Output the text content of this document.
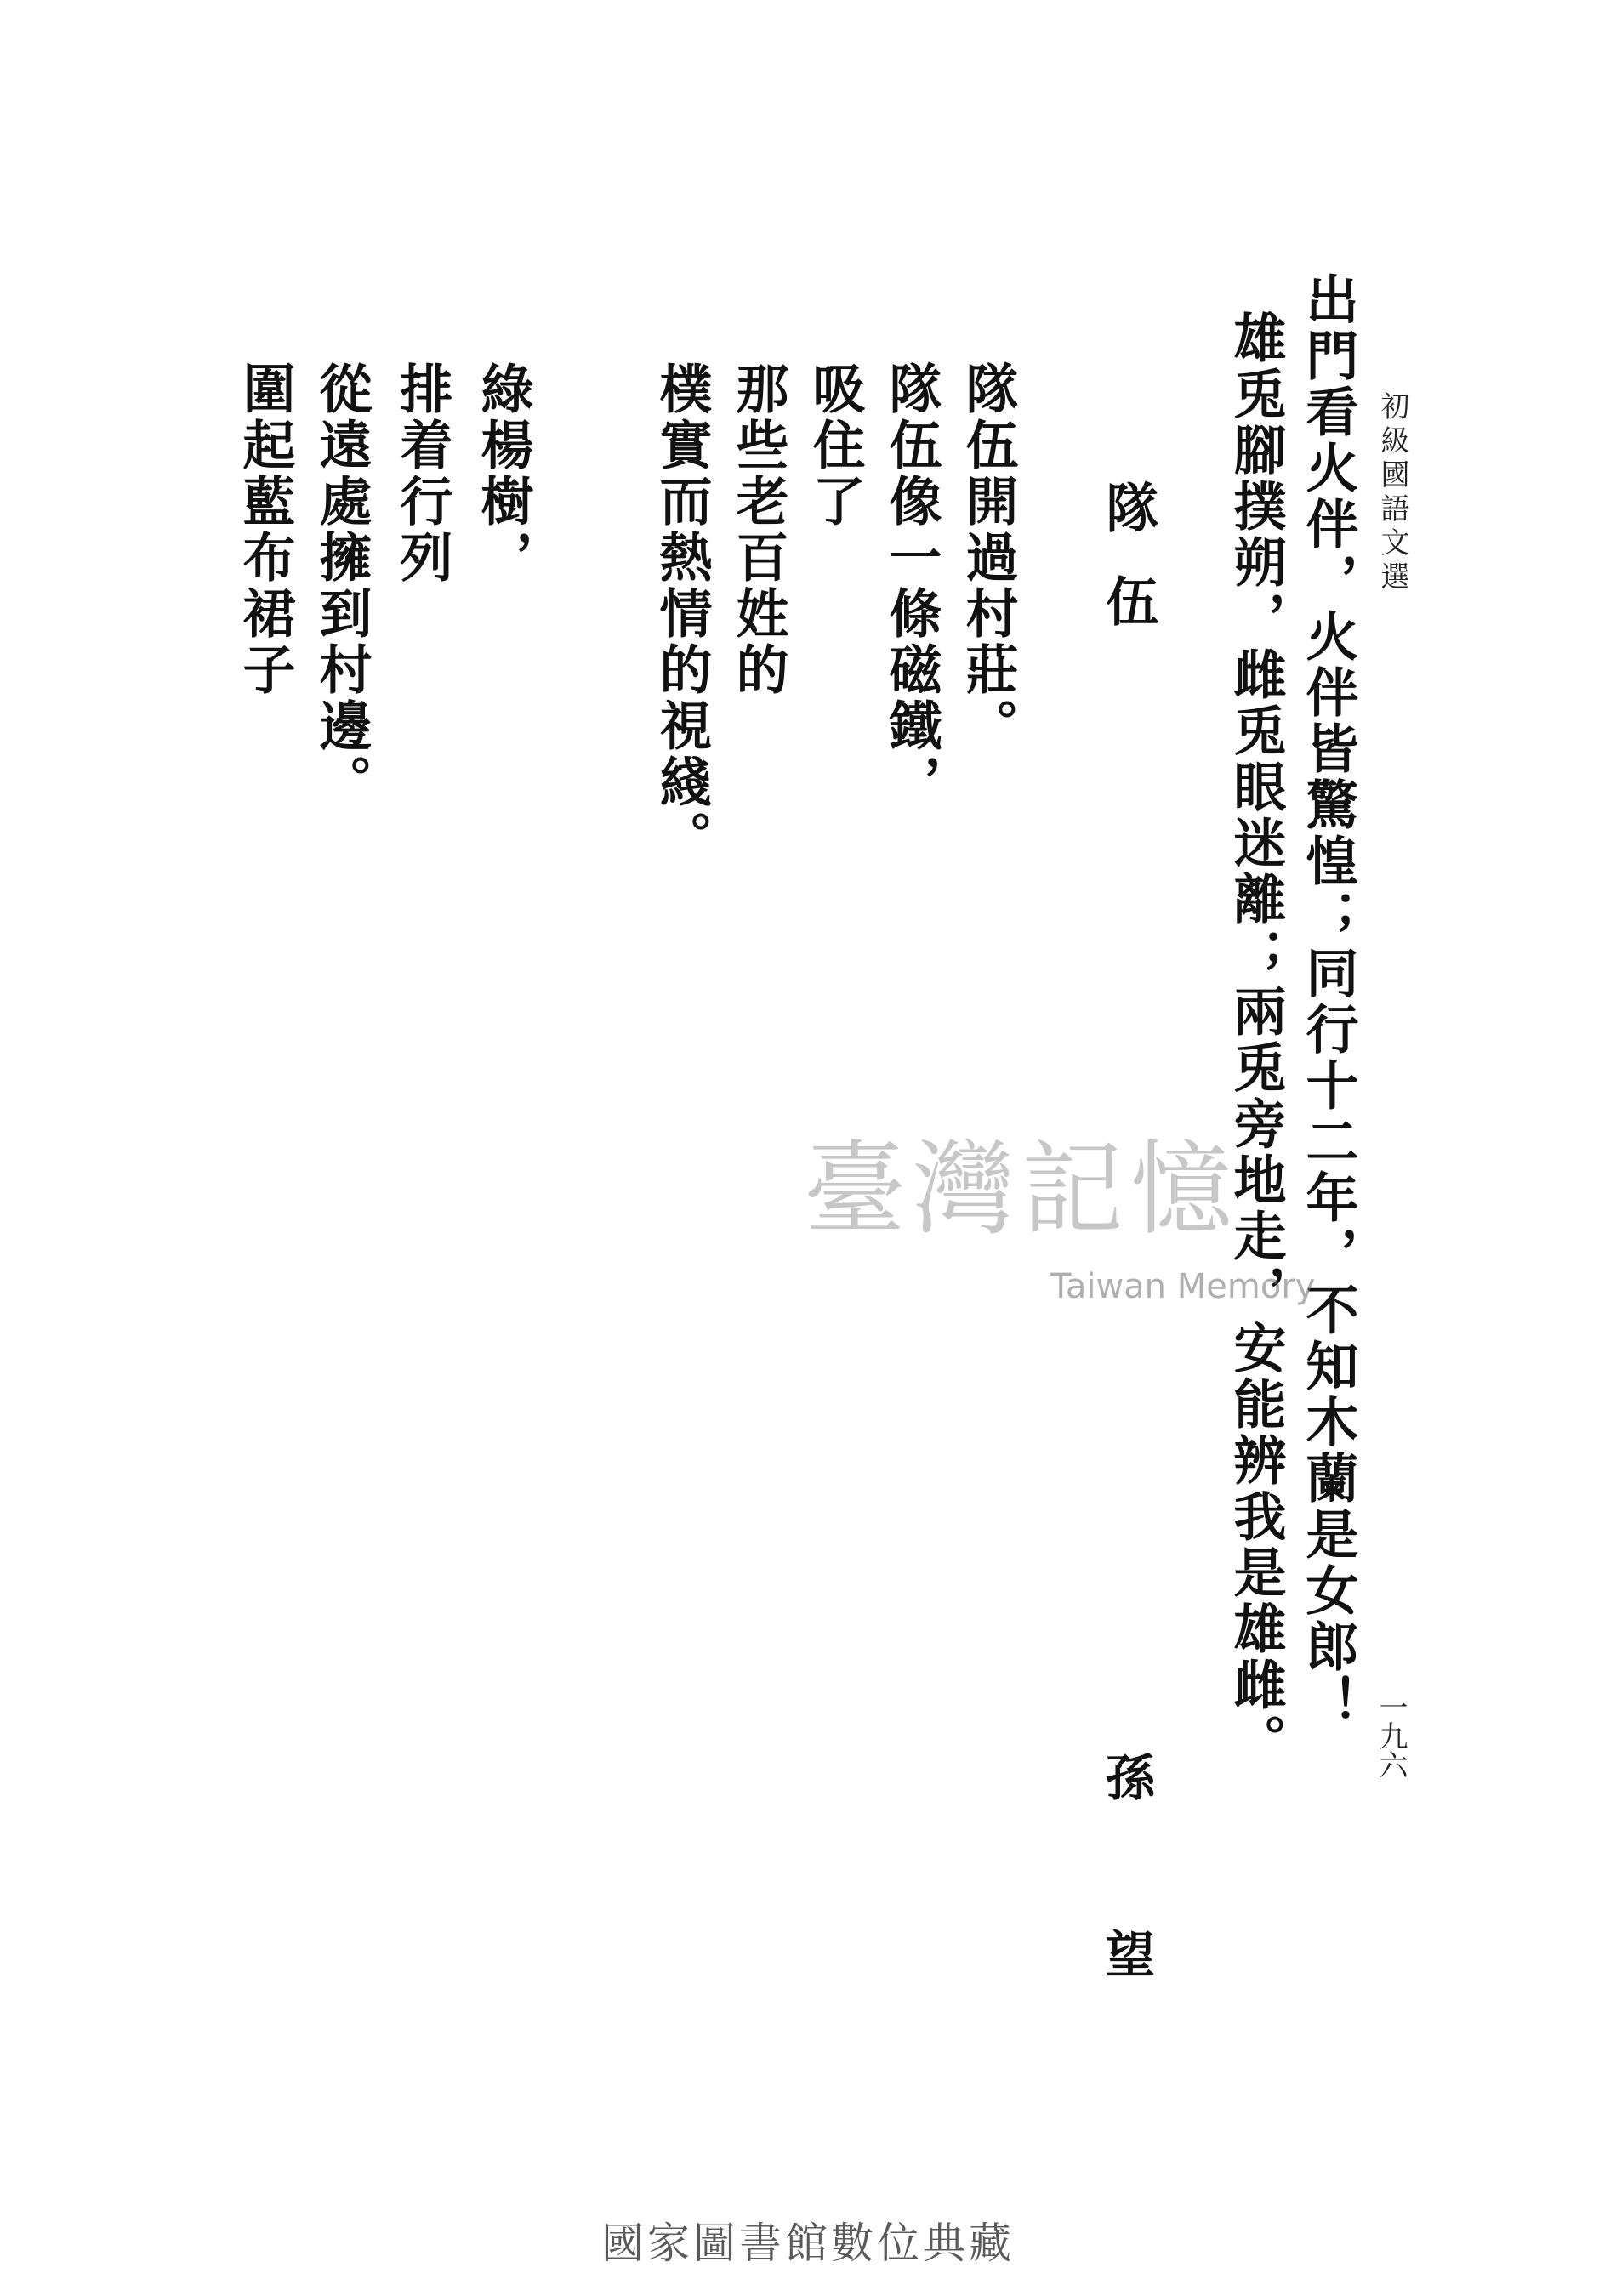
初級國語文選
一九六
出門看火伴，火伴皆驚惶；同行十二年，不知木蘭是女郎！
雄兎腳撲朔，雌兎眼迷離；兩兎旁地走，安能辨我是雄雌。
隊伍
孫望
隊伍開過村莊。
隊伍像一條磁鐵，
吸住了
那些老百姓的
樸實而熱情的視綫。
綠楊樹，
排着行列
從遠處擁到村邊。
圍起藍布裙子
臺灣記憶
Taiwan Memory
國家圖書館數位典藏
